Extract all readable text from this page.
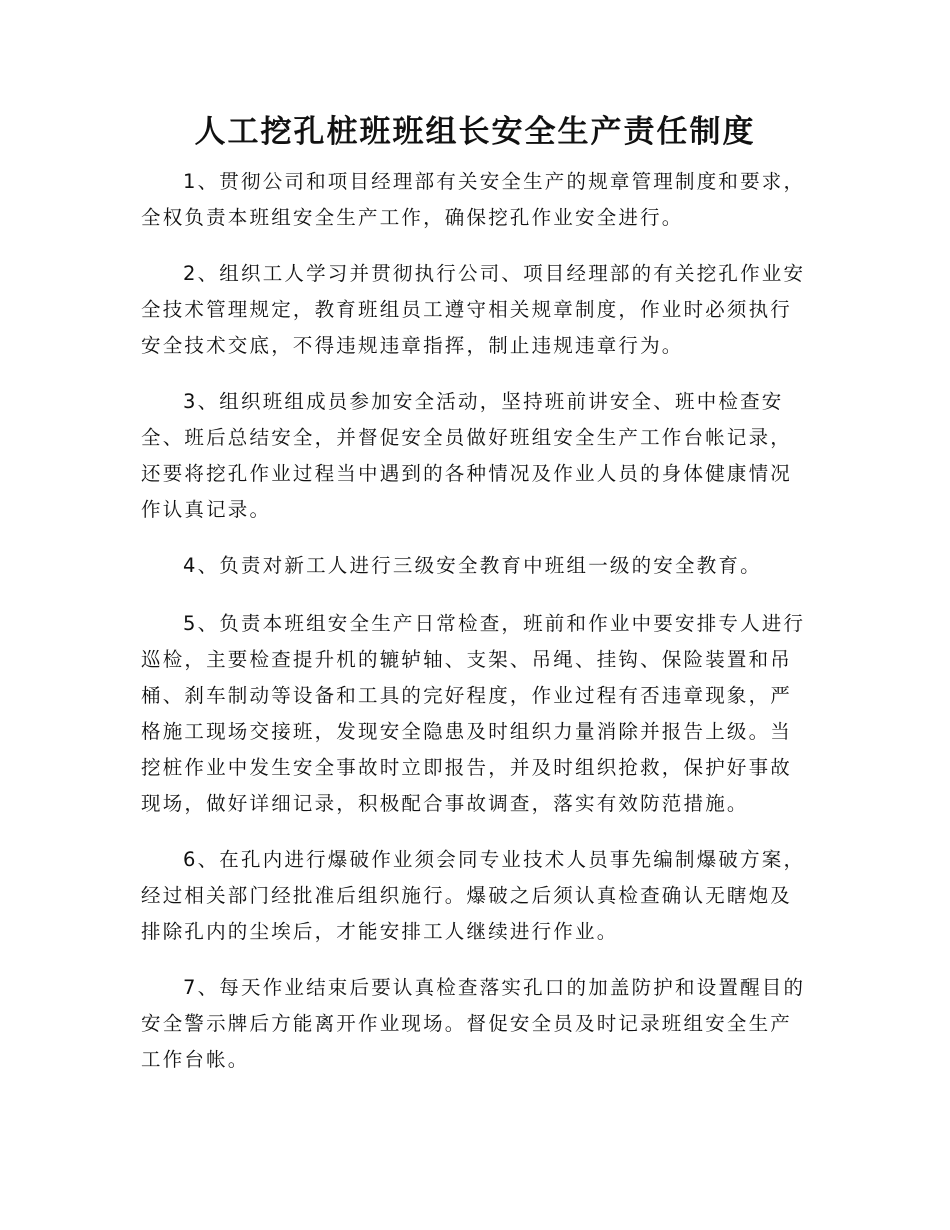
人工挖孔桩班班组长安全生产责任制度

1、贯彻公司和项目经理部有关安全生产的规章管理制度和要求，全权负责本班组安全生产工作，确保挖孔作业安全进行。

2、组织工人学习并贯彻执行公司、项目经理部的有关挖孔作业安全技术管理规定，教育班组员工遵守相关规章制度，作业时必须执行安全技术交底，不得违规违章指挥，制止违规违章行为。

3、组织班组成员参加安全活动，坚持班前讲安全、班中检查安全、班后总结安全，并督促安全员做好班组安全生产工作台帐记录，还要将挖孔作业过程当中遇到的各种情况及作业人员的身体健康情况作认真记录。

4、负责对新工人进行三级安全教育中班组一级的安全教育。

5、负责本班组安全生产日常检查，班前和作业中要安排专人进行巡检，主要检查提升机的辘轳轴、支架、吊绳、挂钩、保险装置和吊桶、刹车制动等设备和工具的完好程度，作业过程有否违章现象，严格施工现场交接班，发现安全隐患及时组织力量消除并报告上级。当挖桩作业中发生安全事故时立即报告，并及时组织抢救，保护好事故现场，做好详细记录，积极配合事故调查，落实有效防范措施。

6、在孔内进行爆破作业须会同专业技术人员事先编制爆破方案，经过相关部门经批准后组织施行。爆破之后须认真检查确认无瞎炮及排除孔内的尘埃后，才能安排工人继续进行作业。

7、每天作业结束后要认真检查落实孔口的加盖防护和设置醒目的安全警示牌后方能离开作业现场。督促安全员及时记录班组安全生产工作台帐。
